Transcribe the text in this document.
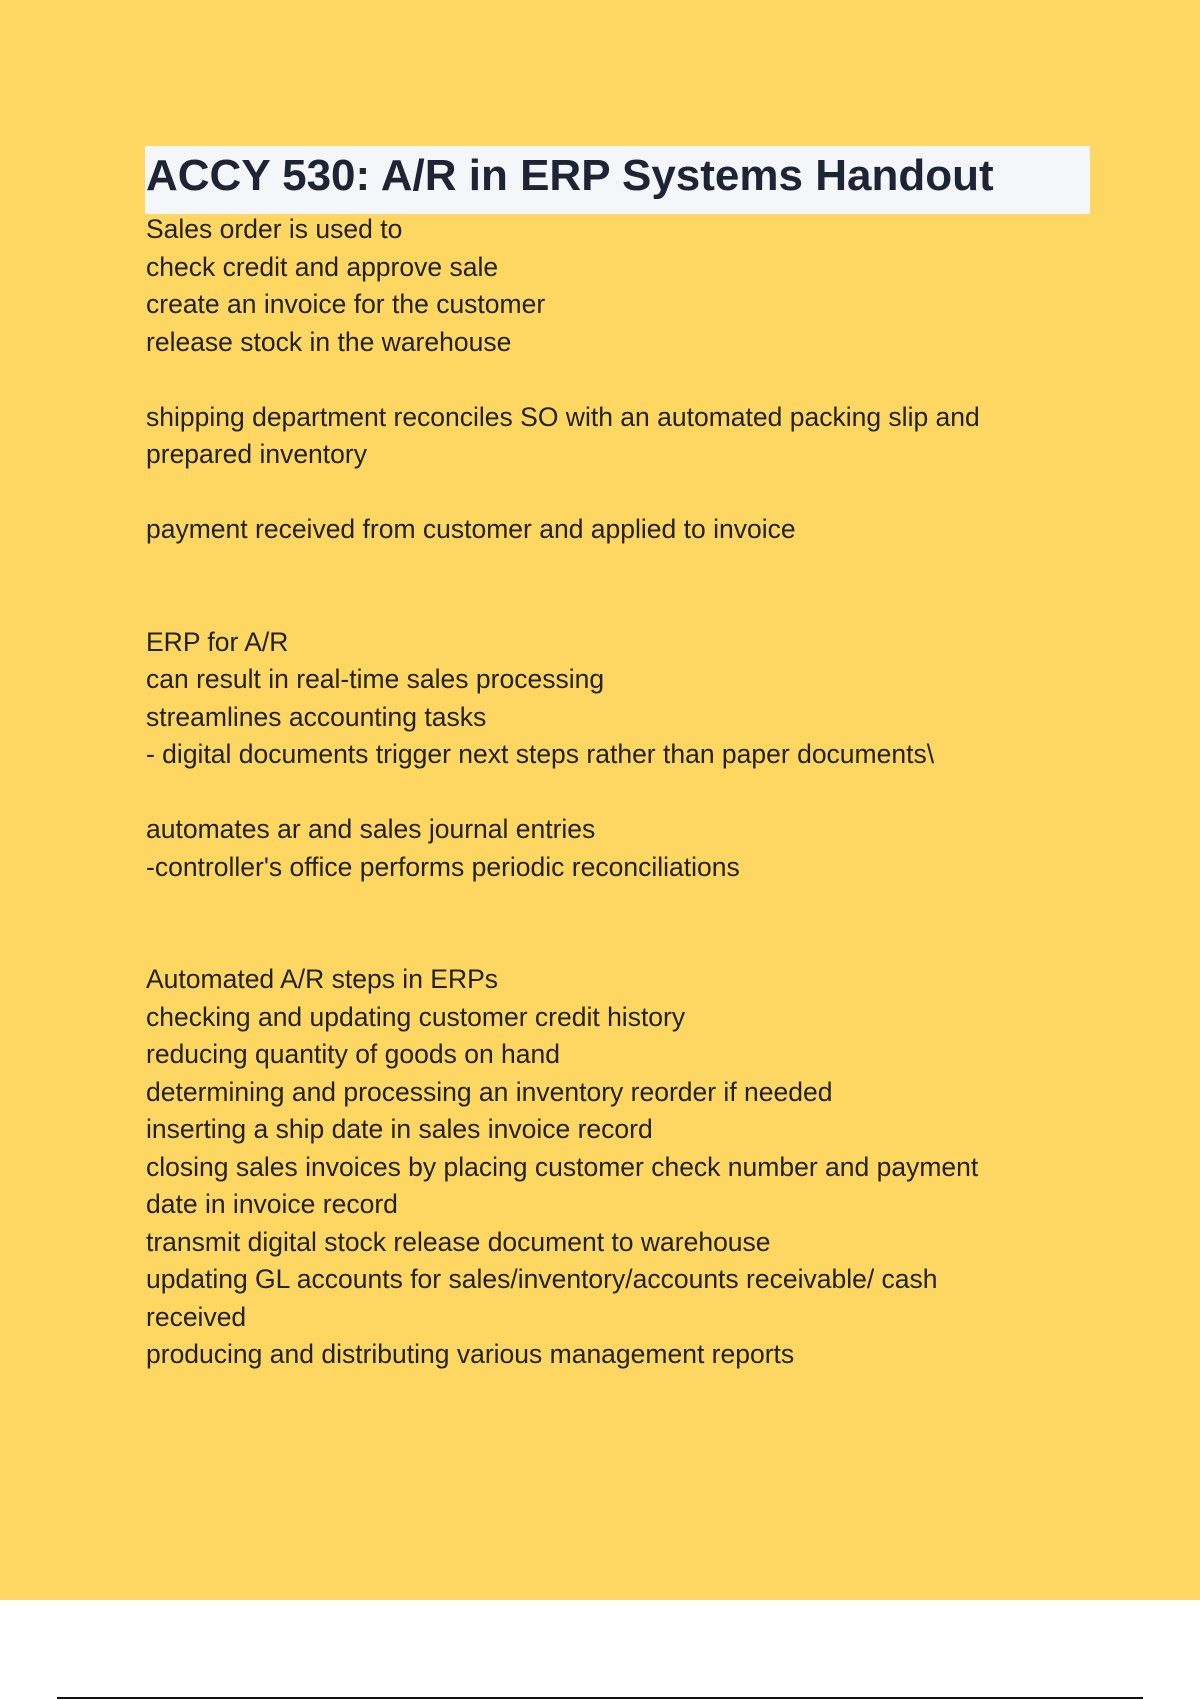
ACCY 530: A/R in ERP Systems Handout
Sales order is used to
check credit and approve sale
create an invoice for the customer
release stock in the warehouse
shipping department reconciles SO with an automated packing slip and
prepared inventory
payment received from customer and applied to invoice
ERP for A/R
can result in real-time sales processing
streamlines accounting tasks
- digital documents trigger next steps rather than paper documents\
automates ar and sales journal entries
-controller's office performs periodic reconciliations
Automated A/R steps in ERPs
checking and updating customer credit history
reducing quantity of goods on hand
determining and processing an inventory reorder if needed
inserting a ship date in sales invoice record
closing sales invoices by placing customer check number and payment
date in invoice record
transmit digital stock release document to warehouse
updating GL accounts for sales/inventory/accounts receivable/ cash
received
producing and distributing various management reports
